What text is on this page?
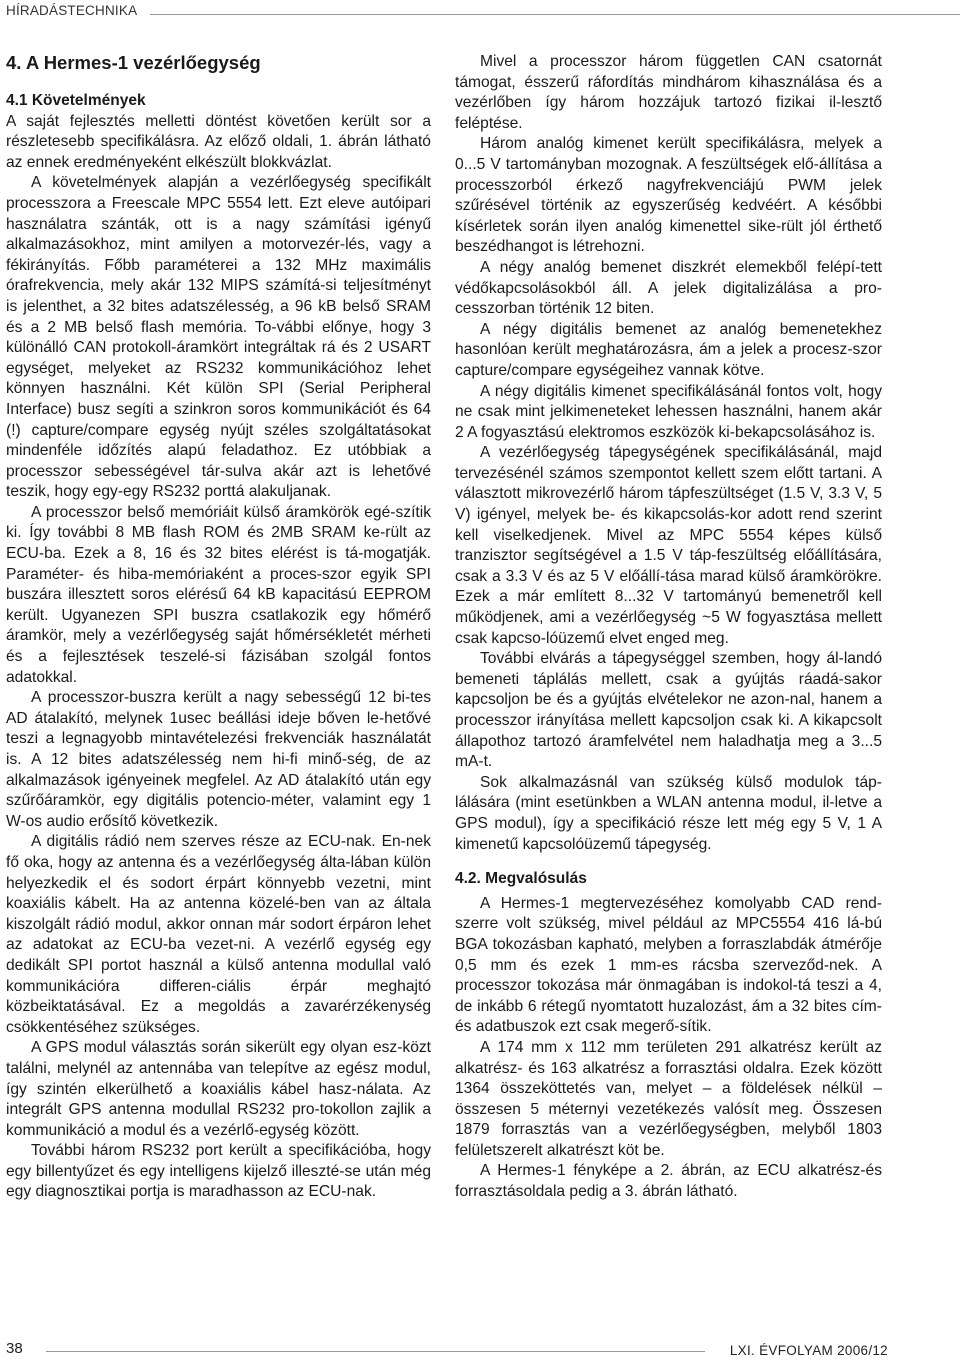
HÍRADÁSTECHNIKA
4. A Hermes-1 vezérlőegység
4.1 Követelmények

A saját fejlesztés melletti döntést követően került sor a részletesebb specifikálásra. Az előző oldali, 1. ábrán látható az ennek eredményeként elkészült blokkvázlat.

A követelmények alapján a vezérlőegység specifikált processzora a Freescale MPC 5554 lett. Ezt eleve autóipari használatra szánták, ott is a nagy számítási igényű alkalmazásokhoz, mint amilyen a motorvezér-lés, vagy a fékirányítás. Főbb paraméterei a 132 MHz maximális órafrekvencia, mely akár 132 MIPS számítá-si teljesítményt is jelenthet, a 32 bites adatszélesség, a 96 kB belső SRAM és a 2 MB belső flash memória. To-vábbi előnye, hogy 3 különálló CAN protokoll-áramkört integráltak rá és 2 USART egységet, melyeket az RS232 kommunikációhoz lehet könnyen használni. Két külön SPI (Serial Peripheral Interface) busz segíti a szinkron soros kommunikációt és 64 (!) capture/compare egység nyújt széles szolgáltatásokat mindenféle időzítés alapú feladathoz. Ez utóbbiak a processzor sebességével tár-sulva akár azt is lehetővé teszik, hogy egy-egy RS232 porttá alakuljanak.

A processzor belső memóriáit külső áramkörök egé-szítik ki. Így további 8 MB flash ROM és 2MB SRAM ke-rült az ECU-ba. Ezek a 8, 16 és 32 bites elérést is tá-mogatják. Paraméter- és hiba-memóriaként a proces-szor egyik SPI buszára illesztett soros elérésű 64 kB kapacitású EEPROM került. Ugyanezen SPI buszra csatlakozik egy hőmérő áramkör, mely a vezérlőegység saját hőmérsékletét mérheti és a fejlesztések teszelé-si fázisában szolgál fontos adatokkal.

A processzor-buszra került a nagy sebességű 12 bi-tes AD átalakító, melynek 1usec beállási ideje bőven le-hetővé teszi a legnagyobb mintavételezési frekvenciák használatát is. A 12 bites adatszélesség nem hi-fi minő-ség, de az alkalmazások igényeinek megfelel. Az AD átalakító után egy szűrőáramkör, egy digitális potencio-méter, valamint egy 1 W-os audio erősítő következik.

A digitális rádió nem szerves része az ECU-nak. En-nek fő oka, hogy az antenna és a vezérlőegység álta-lában külön helyezkedik el és sodort érpárt könnyebb vezetni, mint koaxiális kábelt. Ha az antenna közelé-ben van az általa kiszolgált rádió modul, akkor onnan már sodort érpáron lehet az adatokat az ECU-ba vezet-ni. A vezérlő egység egy dedikált SPI portot használ a külső antenna modullal való kommunikációra differen-ciális érpár meghajtó közbeiktatásával. Ez a megoldás a zavarérzékenység csökkentéséhez szükséges.

A GPS modul választás során sikerült egy olyan esz-közt találni, melynél az antennába van telepítve az egész modul, így szintén elkerülhető a koaxiális kábel hasz-nálata. Az integrált GPS antenna modullal RS232 pro-tokollon zajlik a kommunikáció a modul és a vezérlő-egység között.

További három RS232 port került a specifikációba, hogy egy billentyűzet és egy intelligens kijelző illeszté-se után még egy diagnosztikai portja is maradhasson az ECU-nak.

Mivel a processzor három független CAN csatornát támogat, ésszerű ráfordítás mindhárom kihasználása és a vezérlőben így három hozzájuk tartozó fizikai il-lesztő feléptése.

Három analóg kimenet került specifikálásra, melyek a 0...5 V tartományban mozognak. A feszültségek elő-állítása a processzorból érkező nagyfrekvenciájú PWM jelek szűrésével történik az egyszerűség kedvéért. A későbbi kísérletek során ilyen analóg kimenettel sike-rült jól érthető beszédhangot is létrehozni.

A négy analóg bemenet diszkrét elemekből felépí-tett védőkapcsolásokból áll. A jelek digitalizálása a pro-cesszorban történik 12 biten.

A négy digitális bemenet az analóg bemenetekhez hasonlóan került meghatározásra, ám a jelek a procesz-szor capture/compare egységeihez vannak kötve.

A négy digitális kimenet specifikálásánál fontos volt, hogy ne csak mint jelkimeneteket lehessen használni, hanem akár 2 A fogyasztású elektromos eszközök ki-bekapcsolásához is.

A vezérlőegység tápegységének specifikálásánál, majd tervezésénél számos szempontot kellett szem előtt tartani. A választott mikrovezérlő három tápfeszültséget (1.5 V, 3.3 V, 5 V) igényel, melyek be- és kikapcsolás-kor adott rend szerint kell viselkedjenek. Mivel az MPC 5554 képes külső tranzisztor segítségével a 1.5 V táp-feszültség előállítására, csak a 3.3 V és az 5 V előállí-tása marad külső áramkörökre. Ezek a már említett 8...32 V tartományú bemenetről kell működjenek, ami a vezérlőegység ~5 W fogyasztása mellett csak kapcso-lóüzemű elvet enged meg.

További elvárás a tápegységgel szemben, hogy ál-landó bemeneti táplálás mellett, csak a gyújtás ráadá-sakor kapcsoljon be és a gyújtás elvételekor ne azon-nal, hanem a processzor irányítása mellett kapcsoljon csak ki. A kikapcsolt állapothoz tartozó áramfelvétel nem haladhatja meg a 3...5 mA-t.

Sok alkalmazásnál van szükség külső modulok táp-lálására (mint esetünkben a WLAN antenna modul, il-letve a GPS modul), így a specifikáció része lett még egy 5 V, 1 A kimenetű kapcsolóüzemű tápegység.

4.2. Megvalósulás

A Hermes-1 megtervezéséhez komolyabb CAD rend-szerre volt szükség, mivel például az MPC5554 416 lá-bú BGA tokozásban kapható, melyben a forraszlabdák átmérője 0,5 mm és ezek 1 mm-es rácsba szerveződ-nek. A processzor tokozása már önmagában is indokol-tá teszi a 4, de inkább 6 rétegű nyomtatott huzalozást, ám a 32 bites cím- és adatbuszok ezt csak megerő-sítik.

A 174 mm x 112 mm területen 291 alkatrész került az alkatrész- és 163 alkatrész a forrasztási oldalra. Ezek között 1364 összeköttetés van, melyet – a földelések nélkül – összesen 5 méternyi vezetékezés valósít meg. Összesen 1879 forrasztás van a vezérlőegységben, melyből 1803 felületszerelt alkatrészt köt be.

A Hermes-1 fényképe a 2. ábrán, az ECU alkatrész-és forrasztásoldala pedig a 3. ábrán látható.

38	LXI. ÉVFOLYAM 2006/12
